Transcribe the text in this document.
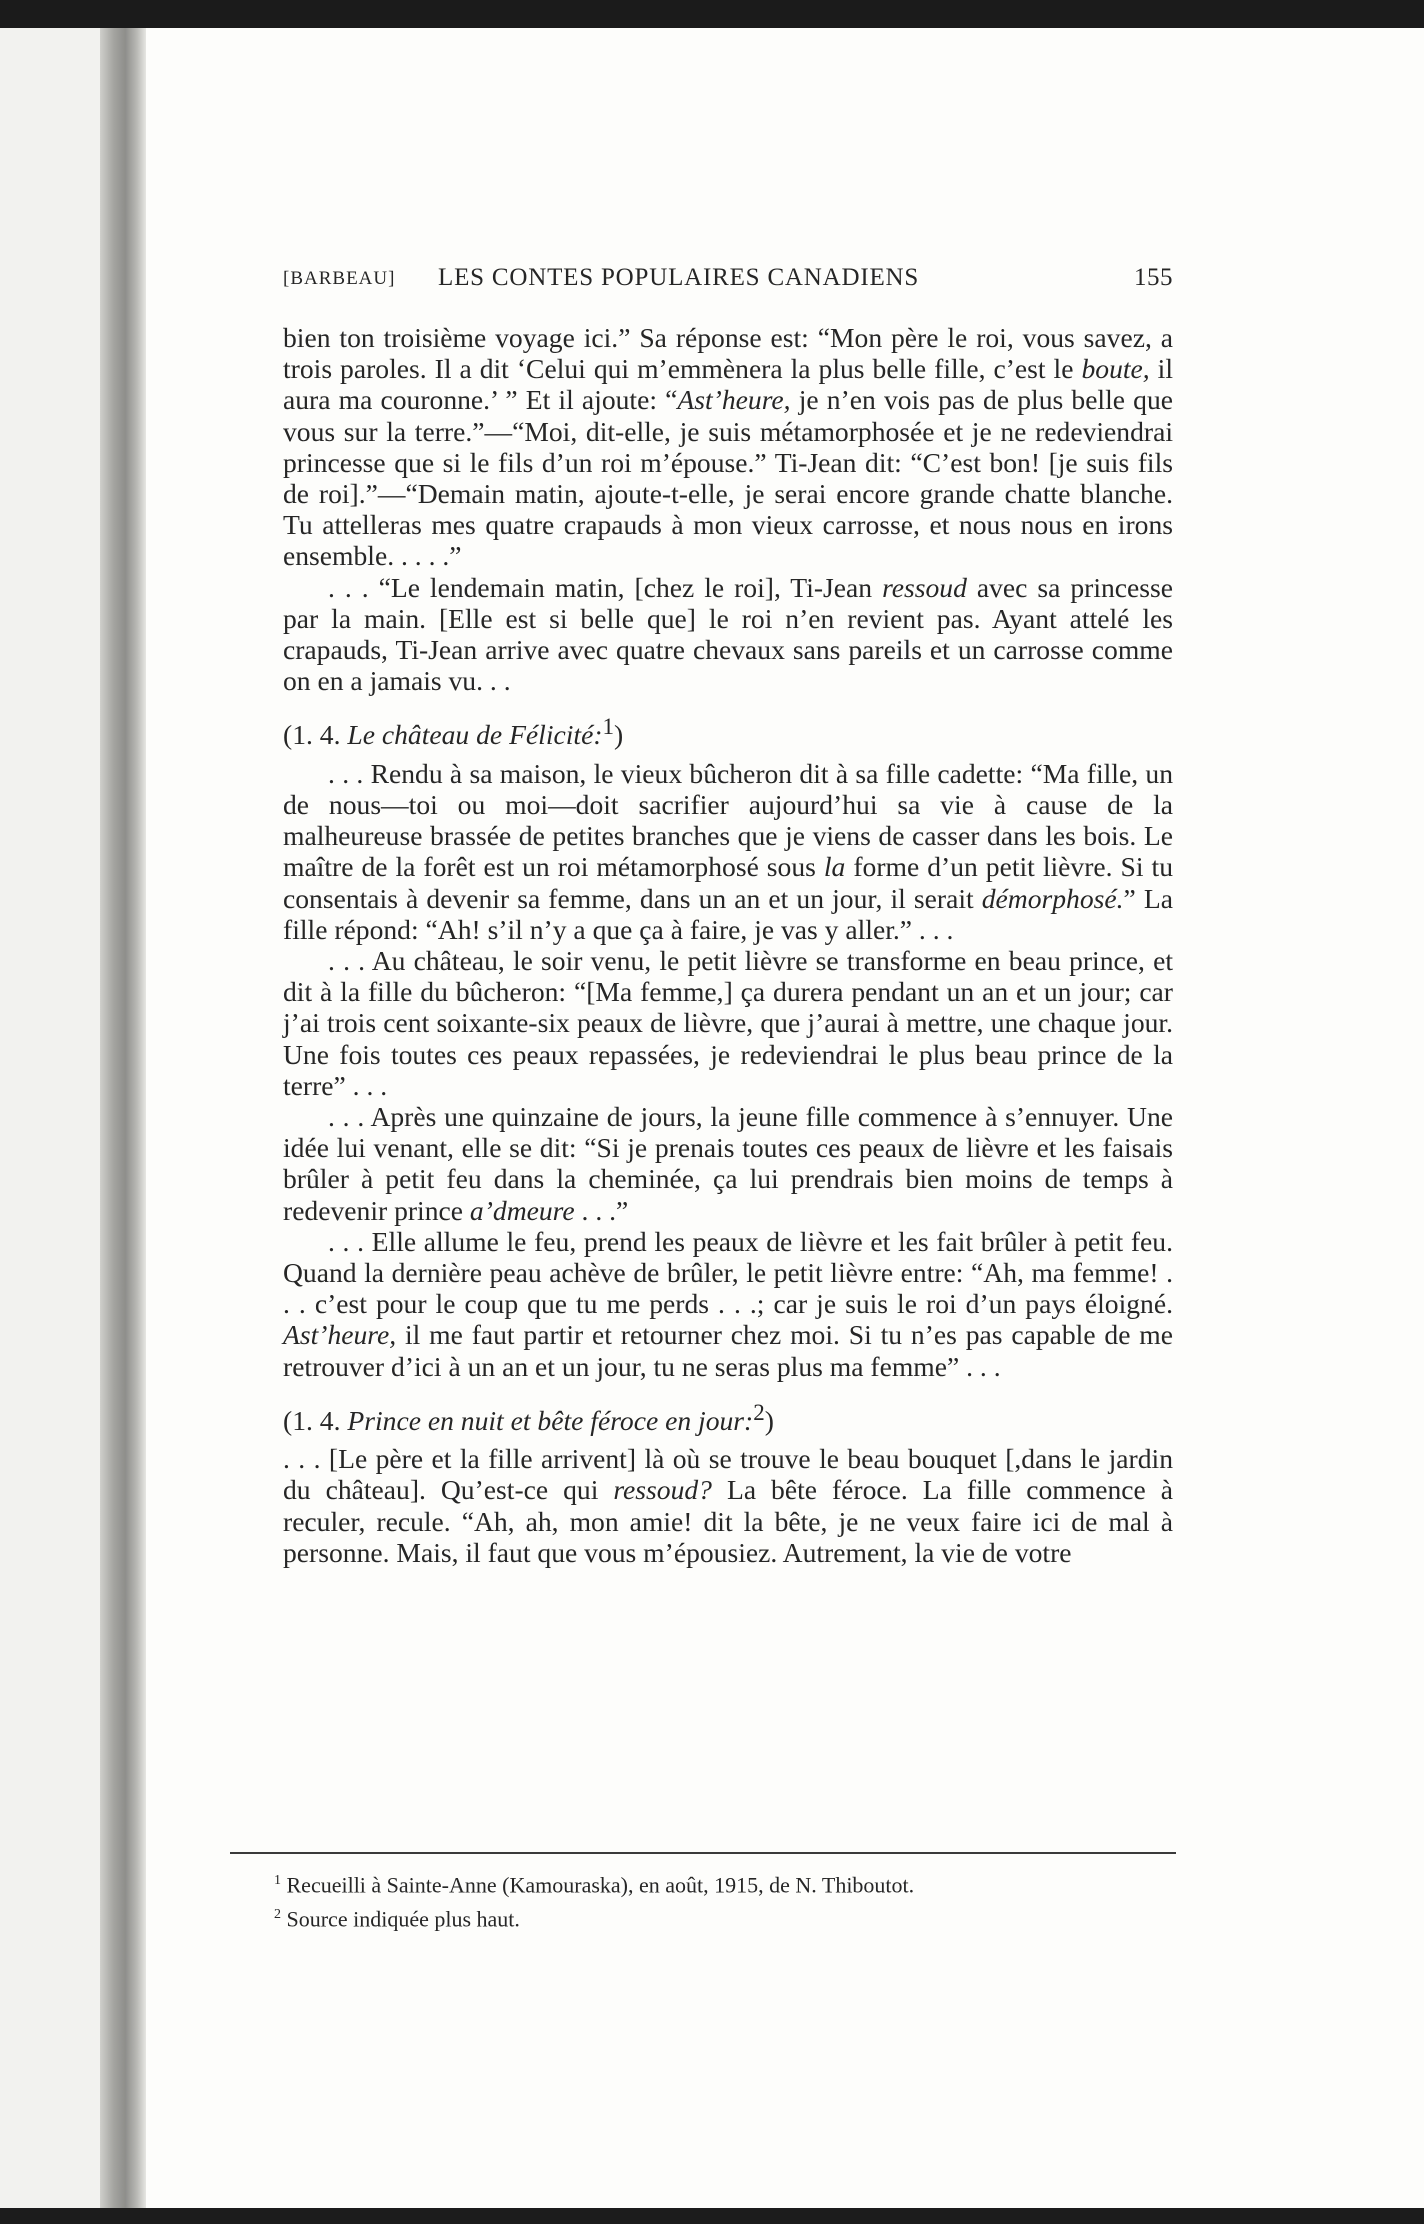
[BARBEAU] LES CONTES POPULAIRES CANADIENS	155

bien ton troisième voyage ici.” Sa réponse est: “Mon père le roi, vous savez, a trois paroles. Il a dit ‘Celui qui m’emmènera la plus belle fille, c’est le boute, il aura ma couronne.’ ” Et il ajoute: “Ast’heure, je n’en vois pas de plus belle que vous sur la terre.”—“Moi, dit-elle, je suis métamorphosée et je ne redeviendrai princesse que si le fils d’un roi m’épouse.” Ti-Jean dit: “C’est bon! [je suis fils de roi].”—“Demain matin, ajoute-t-elle, je serai encore grande chatte blanche. Tu attelleras mes quatre crapauds à mon vieux carrosse, et nous nous en irons ensemble. . . . .”

. . . “Le lendemain matin, [chez le roi], Ti-Jean ressoud avec sa princesse par la main. [Elle est si belle que] le roi n’en revient pas. Ayant attelé les crapauds, Ti-Jean arrive avec quatre chevaux sans pareils et un carrosse comme on en a jamais vu. . .

(1. 4. Le château de Félicité:$^1$)

. . . Rendu à sa maison, le vieux bûcheron dit à sa fille cadette: “Ma fille, un de nous—toi ou moi—doit sacrifier aujourd’hui sa vie à cause de la malheureuse brassée de petites branches que je viens de casser dans les bois. Le maître de la forêt est un roi métamorphosé sous la forme d’un petit lièvre. Si tu consentais à devenir sa femme, dans un an et un jour, il serait démorphosé.” La fille répond: “Ah! s’il n’y a que ça à faire, je vas y aller.” . . .

. . . Au château, le soir venu, le petit lièvre se transforme en beau prince, et dit à la fille du bûcheron: “[Ma femme,] ça durera pendant un an et un jour; car j’ai trois cent soixante-six peaux de lièvre, que j’aurai à mettre, une chaque jour. Une fois toutes ces peaux repassées, je redeviendrai le plus beau prince de la terre” . . .

. . . Après une quinzaine de jours, la jeune fille commence à s’ennuyer. Une idée lui venant, elle se dit: “Si je prenais toutes ces peaux de lièvre et les faisais brûler à petit feu dans la cheminée, ça lui prendrais bien moins de temps à redevenir prince a’dmeure . . .”

. . . Elle allume le feu, prend les peaux de lièvre et les fait brûler à petit feu. Quand la dernière peau achève de brûler, le petit lièvre entre: “Ah, ma femme! . . . c’est pour le coup que tu me perds . . .; car je suis le roi d’un pays éloigné. Ast’heure, il me faut partir et retourner chez moi. Si tu n’es pas capable de me retrouver d’ici à un an et un jour, tu ne seras plus ma femme” . . .

(1. 4. Prince en nuit et bête féroce en jour:$^2$)

. . . [Le père et la fille arrivent] là où se trouve le beau bouquet [,dans le jardin du château]. Qu’est-ce qui ressoud? La bête féroce. La fille commence à reculer, recule. “Ah, ah, mon amie! dit la bête, je ne veux faire ici de mal à personne. Mais, il faut que vous m’épousiez. Autrement, la vie de votre

$^1$ Recueilli à Sainte-Anne (Kamouraska), en août, 1915, de N. Thiboutot.

$^2$ Source indiquée plus haut.
